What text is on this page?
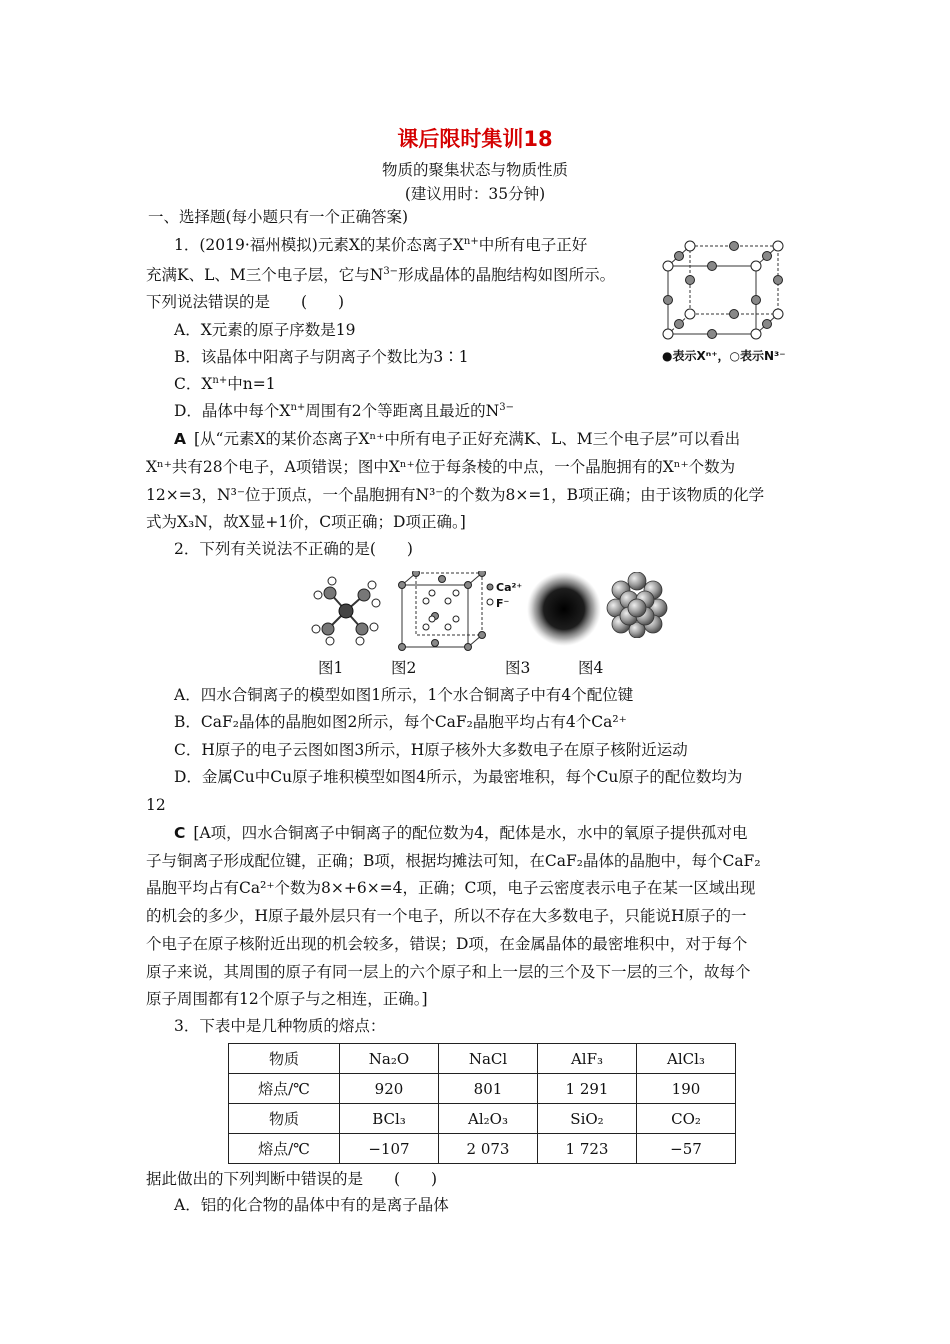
课后限时集训18
物质的聚集状态与物质性质
(建议用时：35分钟)
一、选择题(每小题只有一个正确答案)
1．(2019·福州模拟)元素X的某价态离子$X^{n+}$中所有电子正好
充满K、L、M三个电子层，它与$N^{3-}$形成晶体的晶胞结构如图所示。
下列说法错误的是　　(　　)
A．X元素的原子序数是19
B．该晶体中阳离子与阴离子个数比为3∶1
C．$X^{n+}$中n=1
D．晶体中每个$X^{n+}$周围有2个等距离且最近的$N^{3-}$
●表示Xⁿ⁺，○表示N³⁻
A [从“元素X的某价态离子Xⁿ⁺中所有电子正好充满K、L、M三个电子层”可以看出
Xⁿ⁺共有28个电子，A项错误；图中Xⁿ⁺位于每条棱的中点，一个晶胞拥有的Xⁿ⁺个数为
12×=3，N³⁻位于顶点，一个晶胞拥有N³⁻的个数为8×=1，B项正确；由于该物质的化学
式为X₃N，故X显+1价，C项正确；D项正确。]
2．下列有关说法不正确的是(　　)
Ca²⁺
F⁻
图1	图2	图3	图4
A．四水合铜离子的模型如图1所示，1个水合铜离子中有4个配位键
B．CaF₂晶体的晶胞如图2所示，每个CaF₂晶胞平均占有4个Ca²⁺
C．H原子的电子云图如图3所示，H原子核外大多数电子在原子核附近运动
D．金属Cu中Cu原子堆积模型如图4所示，为最密堆积，每个Cu原子的配位数均为
12
C [A项，四水合铜离子中铜离子的配位数为4，配体是水，水中的氧原子提供孤对电
子与铜离子形成配位键，正确；B项，根据均摊法可知，在CaF₂晶体的晶胞中，每个CaF₂
晶胞平均占有Ca²⁺个数为8×+6×=4，正确；C项，电子云密度表示电子在某一区域出现
的机会的多少，H原子最外层只有一个电子，所以不存在大多数电子，只能说H原子的一
个电子在原子核附近出现的机会较多，错误；D项，在金属晶体的最密堆积中，对于每个
原子来说，其周围的原子有同一层上的六个原子和上一层的三个及下一层的三个，故每个
原子周围都有12个原子与之相连，正确。]
3．下表中是几种物质的熔点：
物质	Na₂O	NaCl	AlF₃	AlCl₃
熔点/℃	920	801	1 291	190
物质	BCl₃	Al₂O₃	SiO₂	CO₂
熔点/℃	−107	2 073	1 723	−57
据此做出的下列判断中错误的是　　(　　)
A．铝的化合物的晶体中有的是离子晶体
